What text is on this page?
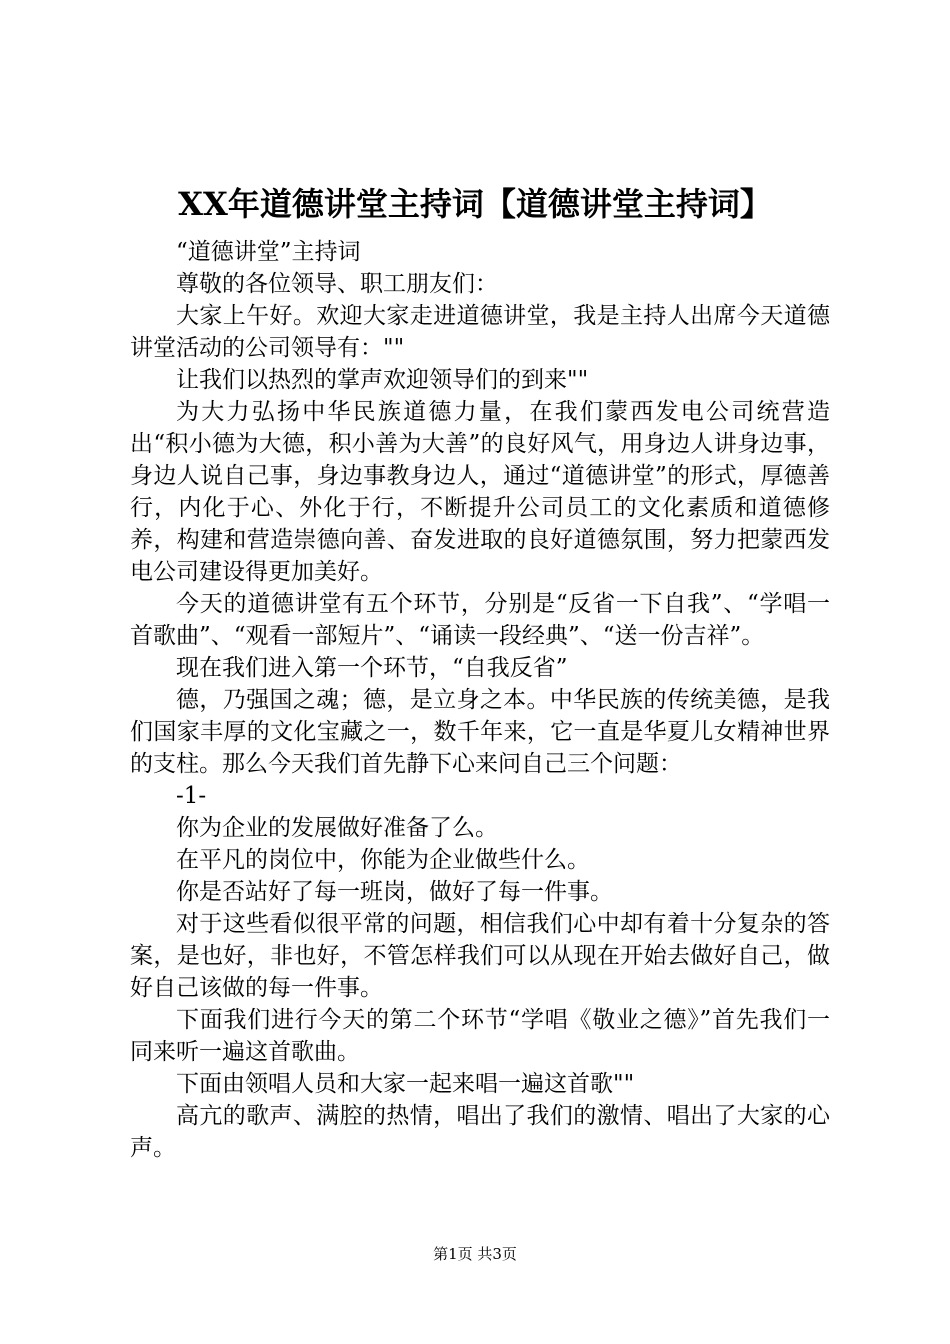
XX年道德讲堂主持词【道德讲堂主持词】

“道德讲堂”主持词

尊敬的各位领导、职工朋友们：

大家上午好。欢迎大家走进道德讲堂，我是主持人出席今天道德讲堂活动的公司领导有：""

让我们以热烈的掌声欢迎领导们的到来""

为大力弘扬中华民族道德力量，在我们蒙西发电公司统营造出“积小德为大德，积小善为大善”的良好风气，用身边人讲身边事，身边人说自己事，身边事教身边人，通过“道德讲堂”的形式，厚德善行，内化于心、外化于行，不断提升公司员工的文化素质和道德修养，构建和营造崇德向善、奋发进取的良好道德氛围，努力把蒙西发电公司建设得更加美好。

今天的道德讲堂有五个环节，分别是“反省一下自我”、“学唱一首歌曲”、“观看一部短片”、“诵读一段经典”、“送一份吉祥”。

现在我们进入第一个环节，“自我反省”

德，乃强国之魂；德，是立身之本。中华民族的传统美德，是我们国家丰厚的文化宝藏之一，数千年来，它一直是华夏儿女精神世界的支柱。那么今天我们首先静下心来问自己三个问题：

-1-

你为企业的发展做好准备了么。

在平凡的岗位中，你能为企业做些什么。

你是否站好了每一班岗，做好了每一件事。

对于这些看似很平常的问题，相信我们心中却有着十分复杂的答案，是也好，非也好，不管怎样我们可以从现在开始去做好自己，做好自己该做的每一件事。

下面我们进行今天的第二个环节“学唱《敬业之德》”首先我们一同来听一遍这首歌曲。

下面由领唱人员和大家一起来唱一遍这首歌""

高亢的歌声、满腔的热情，唱出了我们的激情、唱出了大家的心声。

第1页 共3页
